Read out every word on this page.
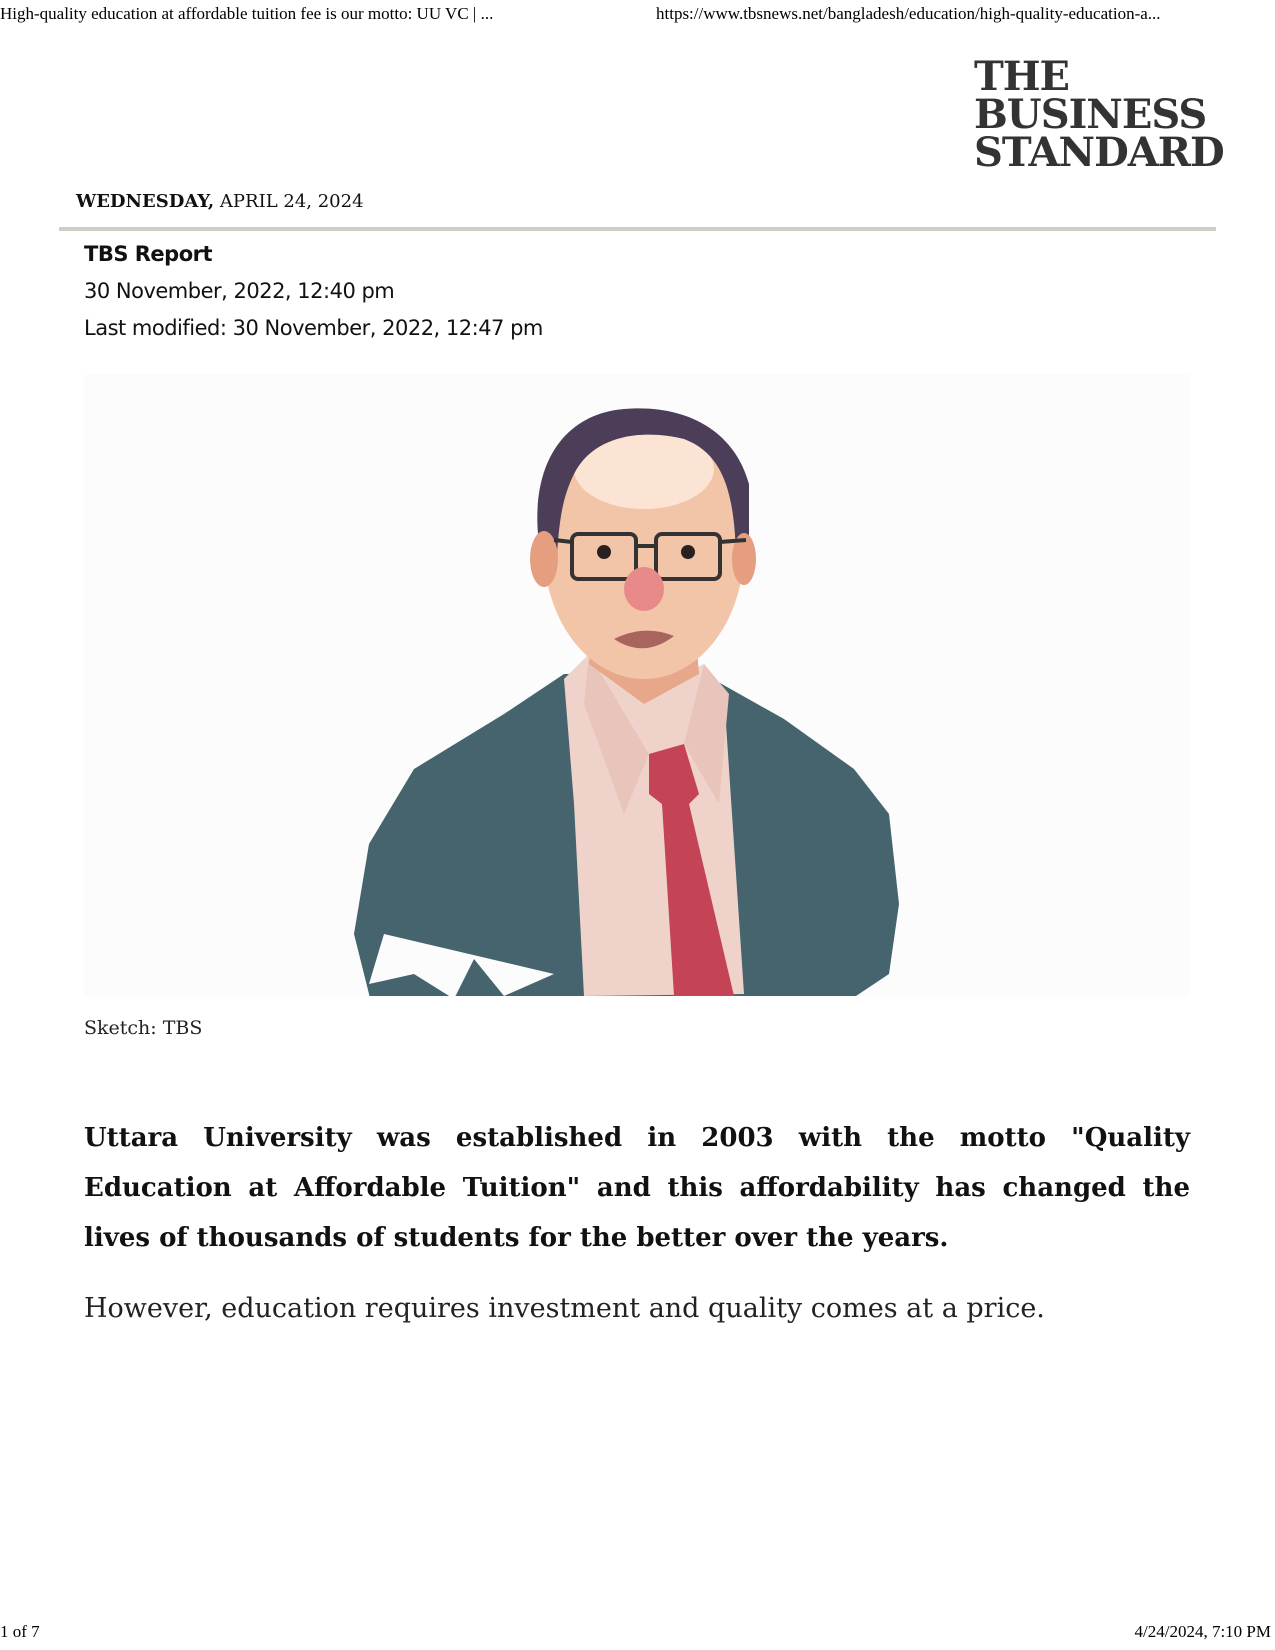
High-quality education at affordable tuition fee is our motto: UU VC | ...	https://www.tbsnews.net/bangladesh/education/high-quality-education-a...
THE
BUSINESS
STANDARD
WEDNESDAY, APRIL 24, 2024
TBS Report
30 November, 2022, 12:40 pm
Last modified: 30 November, 2022, 12:47 pm
Sketch: TBS

Uttara University was established in 2003 with the motto "Quality Education at Affordable Tuition" and this affordability has changed the lives of thousands of students for the better over the years.

However, education requires investment and quality comes at a price.

1 of 7	4/24/2024, 7:10 PM
